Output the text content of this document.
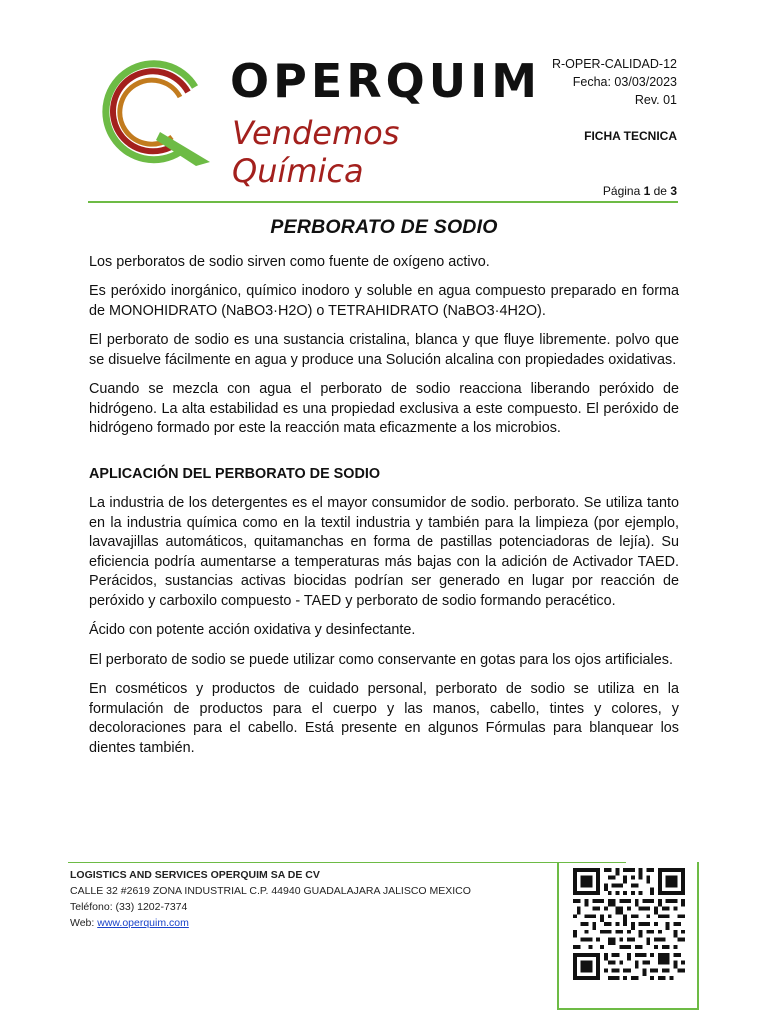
OPERQUIM
Vendemos Química
R-OPER-CALIDAD-12
Fecha: 03/03/2023
Rev. 01
FICHA TECNICA
Página 1 de 3
PERBORATO DE SODIO

Los perboratos de sodio sirven como fuente de oxígeno activo.

Es peróxido inorgánico, químico inodoro y soluble en agua compuesto preparado en forma de MONOHIDRATO (NaBO3·H2O) o TETRAHIDRATO (NaBO3·4H2O).

El perborato de sodio es una sustancia cristalina, blanca y que fluye libremente. polvo que se disuelve fácilmente en agua y produce una Solución alcalina con propiedades oxidativas.

Cuando se mezcla con agua el perborato de sodio reacciona liberando peróxido de hidrógeno. La alta estabilidad es una propiedad exclusiva a este compuesto. El peróxido de hidrógeno formado por este la reacción mata eficazmente a los microbios.

APLICACIÓN DEL PERBORATO DE SODIO

La industria de los detergentes es el mayor consumidor de sodio. perborato. Se utiliza tanto en la industria química como en la textil industria y también para la limpieza (por ejemplo, lavavajillas automáticos, quitamanchas en forma de pastillas potenciadoras de lejía). Su eficiencia podría aumentarse a temperaturas más bajas con la adición de Activador TAED. Perácidos, sustancias activas biocidas podrían ser generado en lugar por reacción de peróxido y carboxilo compuesto - TAED y perborato de sodio formando peracético.

Ácido con potente acción oxidativa y desinfectante.

El perborato de sodio se puede utilizar como conservante en gotas para los ojos artificiales.

En cosméticos y productos de cuidado personal, perborato de sodio se utiliza en la formulación de productos para el cuerpo y las manos, cabello, tintes y colores, y decoloraciones para el cabello. Está presente en algunos Fórmulas para blanquear los dientes también.

LOGISTICS AND SERVICES OPERQUIM SA DE CV
CALLE 32 #2619 ZONA INDUSTRIAL C.P. 44940 GUADALAJARA JALISCO MEXICO
Teléfono: (33) 1202-7374
Web: www.operquim.com
